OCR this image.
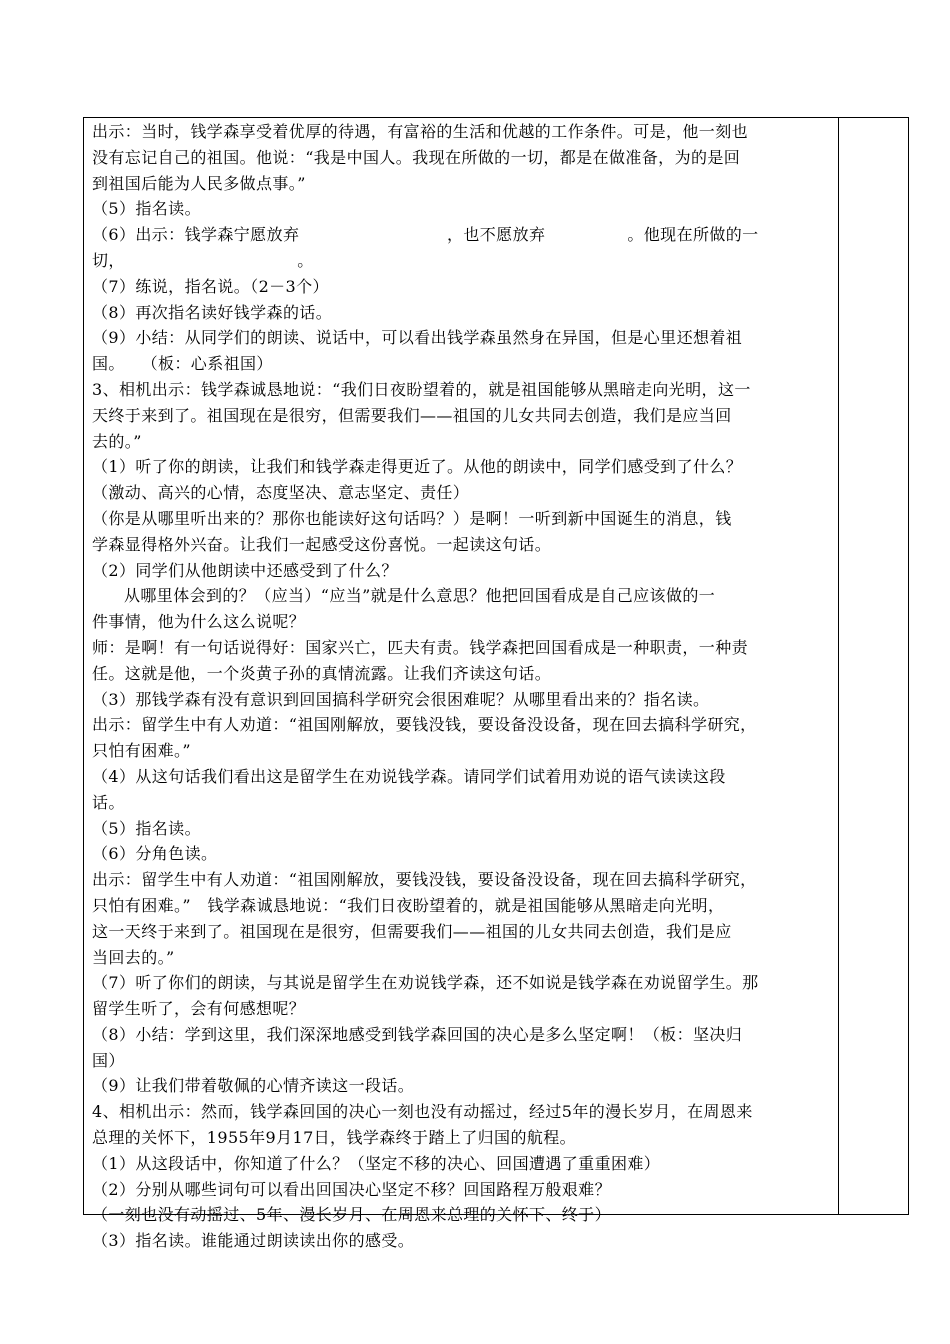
出示：当时，钱学森享受着优厚的待遇，有富裕的生活和优越的工作条件。可是，他一刻也
没有忘记自己的祖国。他说：“我是中国人。我现在所做的一切，都是在做准备，为的是回
到祖国后能为人民多做点事。”
（5）指名读。
（6）出示：钱学森宁愿放弃　　　　　　　　　，也不愿放弃　　　　　。他现在所做的一
切，　　　　　　　　　　　。
（7）练说，指名说。（2－3个）
（8）再次指名读好钱学森的话。
（9）小结：从同学们的朗读、说话中，可以看出钱学森虽然身在异国，但是心里还想着祖
国。　　（板：心系祖国）
3、相机出示：钱学森诚恳地说：“我们日夜盼望着的，就是祖国能够从黑暗走向光明，这一
天终于来到了。祖国现在是很穷，但需要我们——祖国的儿女共同去创造，我们是应当回
去的。”
（1）听了你的朗读，让我们和钱学森走得更近了。从他的朗读中，同学们感受到了什么？
（激动、高兴的心情，态度坚决、意志坚定、责任）
（你是从哪里听出来的？那你也能读好这句话吗？）是啊！一听到新中国诞生的消息，钱
学森显得格外兴奋。让我们一起感受这份喜悦。一起读这句话。
（2）同学们从他朗读中还感受到了什么？
从哪里体会到的？（应当）“应当”就是什么意思？他把回国看成是自己应该做的一
件事情，他为什么这么说呢？
师：是啊！有一句话说得好：国家兴亡，匹夫有责。钱学森把回国看成是一种职责，一种责
任。这就是他，一个炎黄子孙的真情流露。让我们齐读这句话。
（3）那钱学森有没有意识到回国搞科学研究会很困难呢？从哪里看出来的？指名读。
出示：留学生中有人劝道：“祖国刚解放，要钱没钱，要设备没设备，现在回去搞科学研究，
只怕有困难。”
（4）从这句话我们看出这是留学生在劝说钱学森。请同学们试着用劝说的语气读读这段
话。
（5）指名读。
（6）分角色读。
出示：留学生中有人劝道：“祖国刚解放，要钱没钱，要设备没设备，现在回去搞科学研究，
只怕有困难。”　钱学森诚恳地说：“我们日夜盼望着的，就是祖国能够从黑暗走向光明，
这一天终于来到了。祖国现在是很穷，但需要我们——祖国的儿女共同去创造，我们是应
当回去的。”
（7）听了你们的朗读，与其说是留学生在劝说钱学森，还不如说是钱学森在劝说留学生。那
留学生听了，会有何感想呢？
（8）小结：学到这里，我们深深地感受到钱学森回国的决心是多么坚定啊！（板：坚决归
国）
（9）让我们带着敬佩的心情齐读这一段话。
4、相机出示：然而，钱学森回国的决心一刻也没有动摇过，经过5年的漫长岁月，在周恩来
总理的关怀下，1955年9月17日，钱学森终于踏上了归国的航程。
（1）从这段话中，你知道了什么？（坚定不移的决心、回国遭遇了重重困难）
（2）分别从哪些词句可以看出回国决心坚定不移？回国路程万般艰难？
（一刻也没有动摇过、5年、漫长岁月、在周恩来总理的关怀下、终于）
（3）指名读。谁能通过朗读读出你的感受。
